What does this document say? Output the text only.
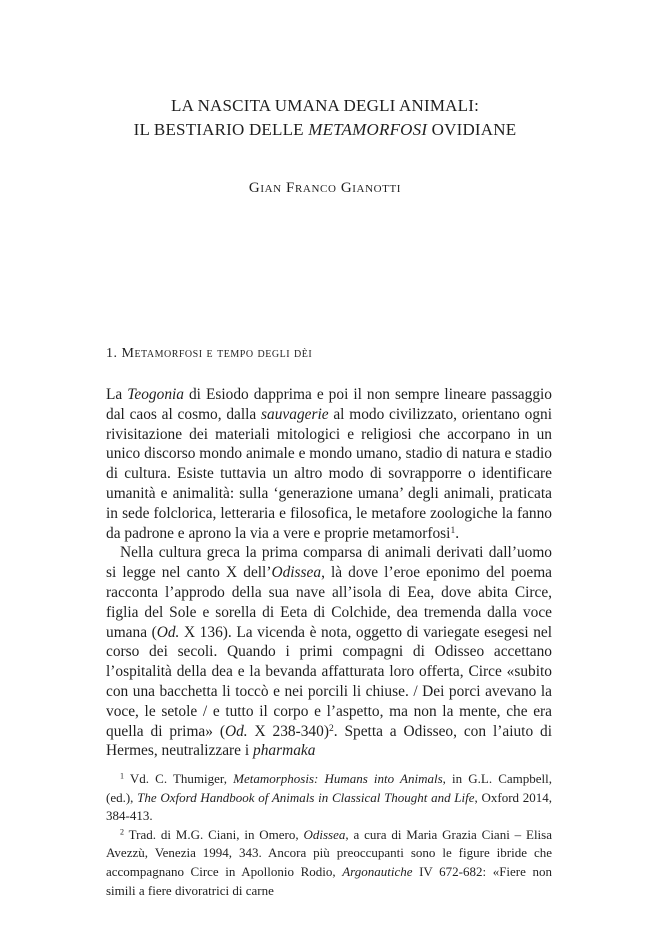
LA NASCITA UMANA DEGLI ANIMALI:
IL BESTIARIO DELLE METAMORFOSI OVIDIANE
Gian Franco Gianotti
1. Metamorfosi e tempo degli dèi

La Teogonia di Esiodo dapprima e poi il non sempre lineare passaggio dal caos al cosmo, dalla sauvagerie al modo civilizzato, orientano ogni rivisitazione dei materiali mitologici e religiosi che accorpano in un unico discorso mondo animale e mondo umano, stadio di natura e stadio di cultura. Esiste tuttavia un altro modo di sovrapporre o identificare umanità e animalità: sulla ‘generazione umana’ degli animali, praticata in sede folclorica, letteraria e filosofica, le metafore zoologiche la fanno da padrone e aprono la via a vere e proprie metamorfosi$^1$.

Nella cultura greca la prima comparsa di animali derivati dall’uomo si legge nel canto X dell’Odissea, là dove l’eroe eponimo del poema racconta l’approdo della sua nave all’isola di Eea, dove abita Circe, figlia del Sole e sorella di Eeta di Colchide, dea tremenda dalla voce umana (Od. X 136). La vicenda è nota, oggetto di variegate esegesi nel corso dei secoli. Quando i primi compagni di Odisseo accettano l’ospitalità della dea e la bevanda affatturata loro offerta, Circe «subito con una bacchetta li toccò e nei porcili li chiuse. / Dei porci avevano la voce, le setole / e tutto il corpo e l’aspetto, ma non la mente, che era quella di prima» (Od. X 238-340)$^2$. Spetta a Odisseo, con l’aiuto di Hermes, neutralizzare i pharmaka

$^1$ Vd. C. Thumiger, Metamorphosis: Humans into Animals, in G.L. Campbell, (ed.), The Oxford Handbook of Animals in Classical Thought and Life, Oxford 2014, 384-413.

$^2$ Trad. di M.G. Ciani, in Omero, Odissea, a cura di Maria Grazia Ciani – Elisa Avezzù, Venezia 1994, 343. Ancora più preoccupanti sono le figure ibride che accompagnano Circe in Apollonio Rodio, Argonautiche IV 672-682: «Fiere non simili a fiere divoratrici di carne
